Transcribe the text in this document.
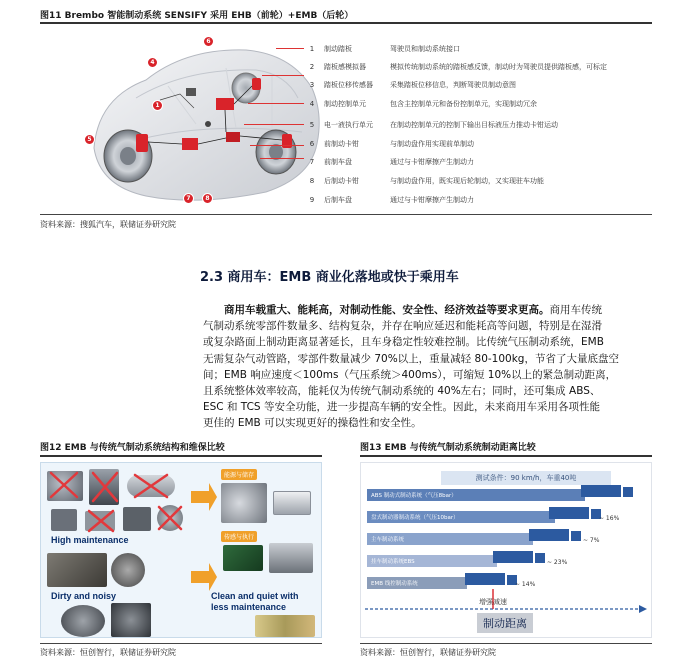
图11 Brembo 智能制动系统 SENSIFY 采用 EHB（前轮）+EMB（后轮）
6
4
1
5
7	8
1	制动踏板	驾驶员和制动系统接口
2	踏板感模拟器	模拟传统制动系统的踏板感反馈，制动时为驾驶员提供踏板感，可标定
3	踏板位移传感器	采集踏板位移信息，判断驾驶员制动意图
4	制动控制单元	包含主控制单元和备份控制单元，实现制动冗余
5	电一液执行单元	在制动控制单元的控制下输出目标液压力推动卡钳运动
6	前制动卡钳	与制动盘作用实现前单制动
7	前制车盘	通过与卡钳摩擦产生制动力
8	后制动卡钳	与制动盘作用，既实现后轮制动，又实现驻车功能
9	后制车盘	通过与卡钳摩擦产生制动力
资料来源：搜狐汽车，联储证券研究院
2.3 商用车：EMB 商业化落地或快于乘用车
商用车载重大、能耗高，对制动性能、安全性、经济效益等要求更高。商用车传统
气制动系统零部件数量多、结构复杂，并存在响应延迟和能耗高等问题，特别是在湿滑
或复杂路面上制动距离显著延长，且车身稳定性较难控制。比传统气压制动系统，EMB
无需复杂气动管路，零部件数量减少 70%以上，重量减轻 80-100kg，节省了大量底盘空
间；EMB 响应速度＜100ms（气压系统＞400ms），可缩短 10%以上的紧急制动距离，
且系统整体效率较高，能耗仅为传统气制动系统的 40%左右；同时，还可集成 ABS、
ESC 和 TCS 等安全功能，进一步提高车辆的安全性。因此，未来商用车采用各项性能
更佳的 EMB 可以实现更好的操稳性和安全性。
图12 EMB 与传统气制动系统结构和维保比较
High maintenance
Dirty and noisy
能源与储存
传感与执行
Clean and quiet with
less maintenance
资料来源：恒创智行，联储证券研究院
图13 EMB 与传统气制动系统制动距离比较
测试条件：90 km/h，车重40吨
ABS 制动式制动系统（气压8bar）
盘式制动器制动系统（气压10bar）
主车制动系统
挂车制动系统EBS
EMB 线控制动系统
~ 16%
~ 7%
~ 23%
~ 14%
增强减速
制动距离
资料来源：恒创智行，联储证券研究院
